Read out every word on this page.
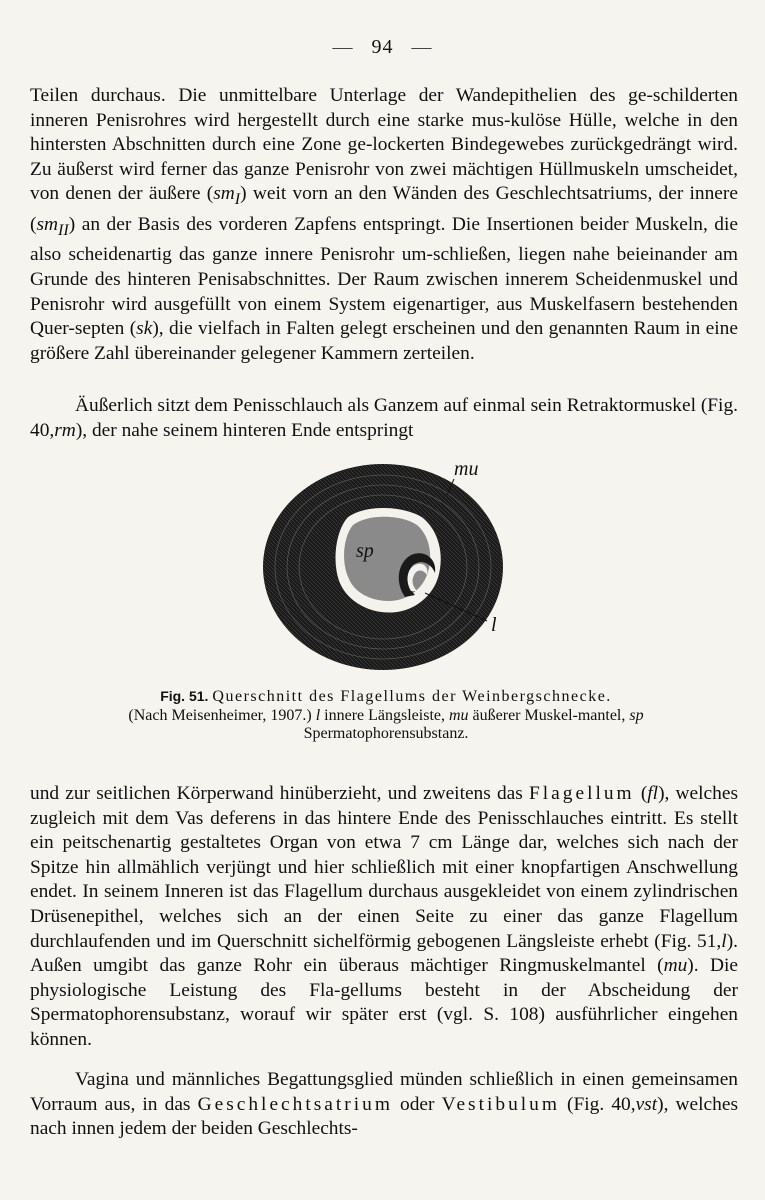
— 94 —

Teilen durchaus. Die unmittelbare Unterlage der Wandepithelien des ge-schilderten inneren Penisrohres wird hergestellt durch eine starke mus-kulöse Hülle, welche in den hintersten Abschnitten durch eine Zone ge-lockerten Bindegewebes zurückgedrängt wird. Zu äußerst wird ferner das ganze Penisrohr von zwei mächtigen Hüllmuskeln umscheidet, von denen der äußere $(sm_I)$ weit vorn an den Wänden des Geschlechtsatriums, der innere $(sm_{II})$ an der Basis des vorderen Zapfens entspringt. Die Insertionen beider Muskeln, die also scheidenartig das ganze innere Penisrohr um-schließen, liegen nahe beieinander am Grunde des hinteren Penisabschnittes. Der Raum zwischen innerem Scheidenmuskel und Penisrohr wird ausgefüllt von einem System eigenartiger, aus Muskelfasern bestehenden Quer-septen (sk), die vielfach in Falten gelegt erscheinen und den genannten Raum in eine größere Zahl übereinander gelegener Kammern zerteilen.

Äußerlich sitzt dem Penisschlauch als Ganzem auf einmal sein Retraktormuskel (Fig. 40,rm), der nahe seinem hinteren Ende entspringt

mu
sp
l

Fig. 51. Querschnitt des Flagellums der Weinbergschnecke.
(Nach Meisenheimer, 1907.) l innere Längsleiste, mu äußerer Muskel-mantel, sp Spermatophorensubstanz.

und zur seitlichen Körperwand hinüberzieht, und zweitens das Flagellum (fl), welches zugleich mit dem Vas deferens in das hintere Ende des Penisschlauches eintritt. Es stellt ein peitschenartig gestaltetes Organ von etwa 7 cm Länge dar, welches sich nach der Spitze hin allmählich verjüngt und hier schließlich mit einer knopfartigen Anschwellung endet. In seinem Inneren ist das Flagellum durchaus ausgekleidet von einem zylindrischen Drüsenepithel, welches sich an der einen Seite zu einer das ganze Flagellum durchlaufenden und im Querschnitt sichelförmig gebogenen Längsleiste erhebt (Fig. 51,l). Außen umgibt das ganze Rohr ein überaus mächtiger Ringmuskelmantel (mu). Die physiologische Leistung des Fla-gellums besteht in der Abscheidung der Spermatophorensubstanz, worauf wir später erst (vgl. S. 108) ausführlicher eingehen können.

Vagina und männliches Begattungsglied münden schließlich in einen gemeinsamen Vorraum aus, in das Geschlechtsatrium oder Vestibulum (Fig. 40,vst), welches nach innen jedem der beiden Geschlechts-
